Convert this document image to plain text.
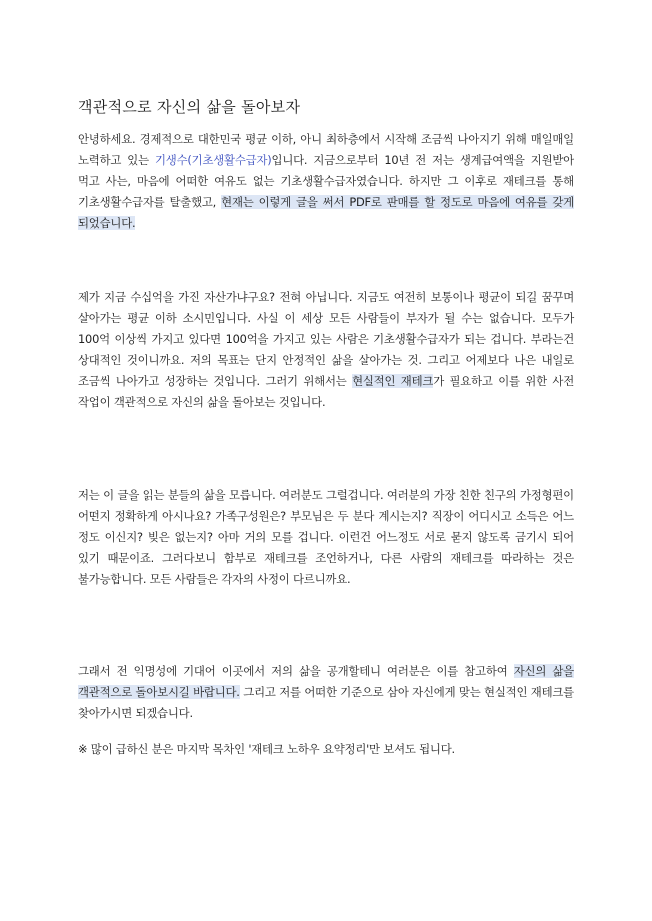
객관적으로 자신의 삶을 돌아보자

안녕하세요. 경제적으로 대한민국 평균 이하, 아니 최하층에서 시작해 조금씩 나아지기 위해 매일매일 노력하고 있는 기생수(기초생활수급자)입니다. 지금으로부터 10년 전 저는 생계급여액을 지원받아 먹고 사는, 마음에 어떠한 여유도 없는 기초생활수급자였습니다. 하지만 그 이후로 재테크를 통해 기초생활수급자를 탈출했고, 현재는 이렇게 글을 써서 PDF로 판매를 할 정도로 마음에 여유를 갖게 되었습니다.

제가 지금 수십억을 가진 자산가냐구요? 전혀 아닙니다. 지금도 여전히 보통이나 평균이 되길 꿈꾸며 살아가는 평균 이하 소시민입니다. 사실 이 세상 모든 사람들이 부자가 될 수는 없습니다. 모두가 100억 이상씩 가지고 있다면 100억을 가지고 있는 사람은 기초생활수급자가 되는 겁니다. 부라는건 상대적인 것이니까요. 저의 목표는 단지 안정적인 삶을 살아가는 것. 그리고 어제보다 나은 내일로 조금씩 나아가고 성장하는 것입니다. 그러기 위해서는 현실적인 재테크가 필요하고 이를 위한 사전 작업이 객관적으로 자신의 삶을 돌아보는 것입니다.

저는 이 글을 읽는 분들의 삶을 모릅니다. 여러분도 그럴겁니다. 여러분의 가장 친한 친구의 가정형편이 어떤지 정확하게 아시나요? 가족구성원은? 부모님은 두 분다 계시는지? 직장이 어디시고 소득은 어느 정도 이신지? 빚은 없는지? 아마 거의 모를 겁니다. 이런건 어느정도 서로 묻지 않도록 금기시 되어 있기 때문이죠. 그러다보니 함부로 재테크를 조언하거나, 다른 사람의 재테크를 따라하는 것은 불가능합니다. 모든 사람들은 각자의 사정이 다르니까요.

그래서 전 익명성에 기대어 이곳에서 저의 삶을 공개할테니 여러분은 이를 참고하여 자신의 삶을 객관적으로 돌아보시길 바랍니다. 그리고 저를 어떠한 기준으로 삼아 자신에게 맞는 현실적인 재테크를 찾아가시면 되겠습니다.

※ 많이 급하신 분은 마지막 목차인 '재테크 노하우 요약정리'만 보셔도 됩니다.
